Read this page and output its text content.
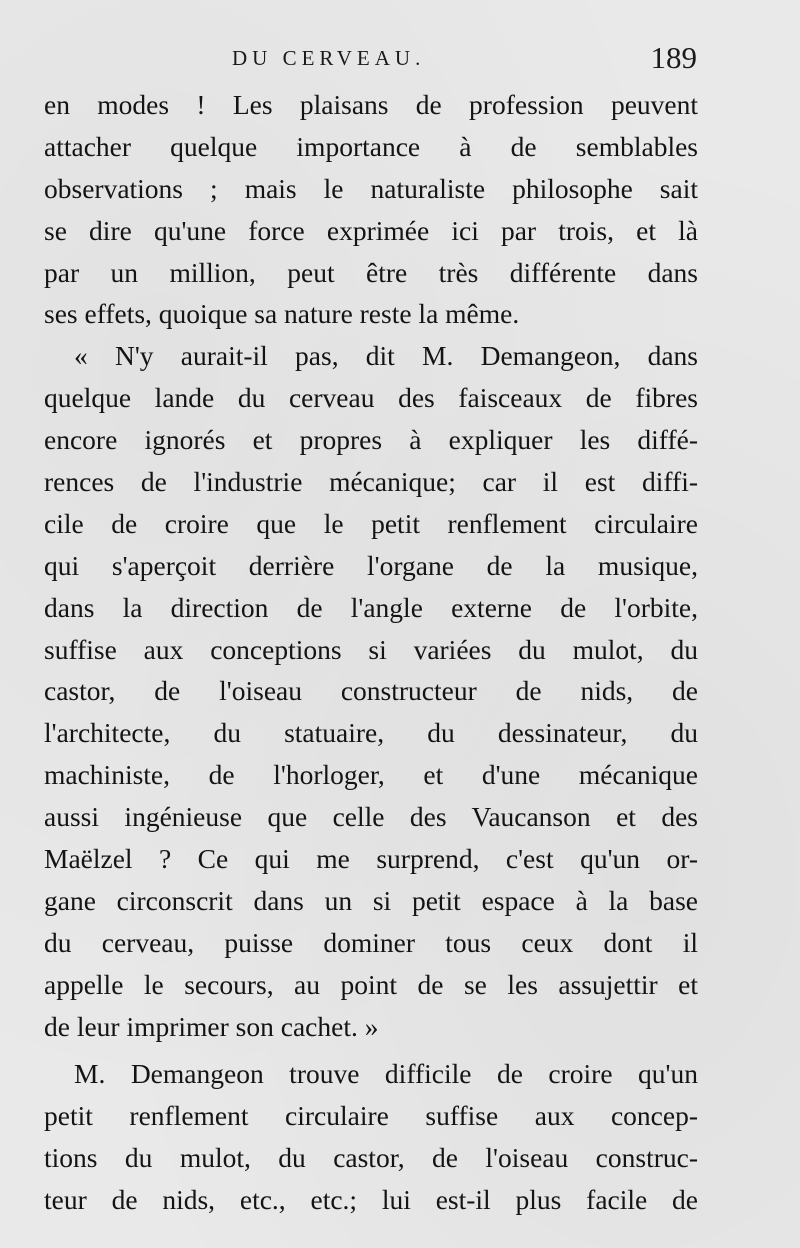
DU CERVEAU.	189
en modes ! Les plaisans de profession peuvent
attacher quelque importance à de semblables
observations ; mais le naturaliste philosophe sait
se dire qu'une force exprimée ici par trois, et là
par un million, peut être très différente dans
ses effets, quoique sa nature reste la même.
« N'y aurait-il pas, dit M. Demangeon, dans
quelque lande du cerveau des faisceaux de fibres
encore ignorés et propres à expliquer les diffé-
rences de l'industrie mécanique; car il est diffi-
cile de croire que le petit renflement circulaire
qui s'aperçoit derrière l'organe de la musique,
dans la direction de l'angle externe de l'orbite,
suffise aux conceptions si variées du mulot, du
castor, de l'oiseau constructeur de nids, de
l'architecte, du statuaire, du dessinateur, du
machiniste, de l'horloger, et d'une mécanique
aussi ingénieuse que celle des Vaucanson et des
Maëlzel ? Ce qui me surprend, c'est qu'un or-
gane circonscrit dans un si petit espace à la base
du cerveau, puisse dominer tous ceux dont il
appelle le secours, au point de se les assujettir et
de leur imprimer son cachet. »
M. Demangeon trouve difficile de croire qu'un
petit renflement circulaire suffise aux concep-
tions du mulot, du castor, de l'oiseau construc-
teur de nids, etc., etc.; lui est-il plus facile de
